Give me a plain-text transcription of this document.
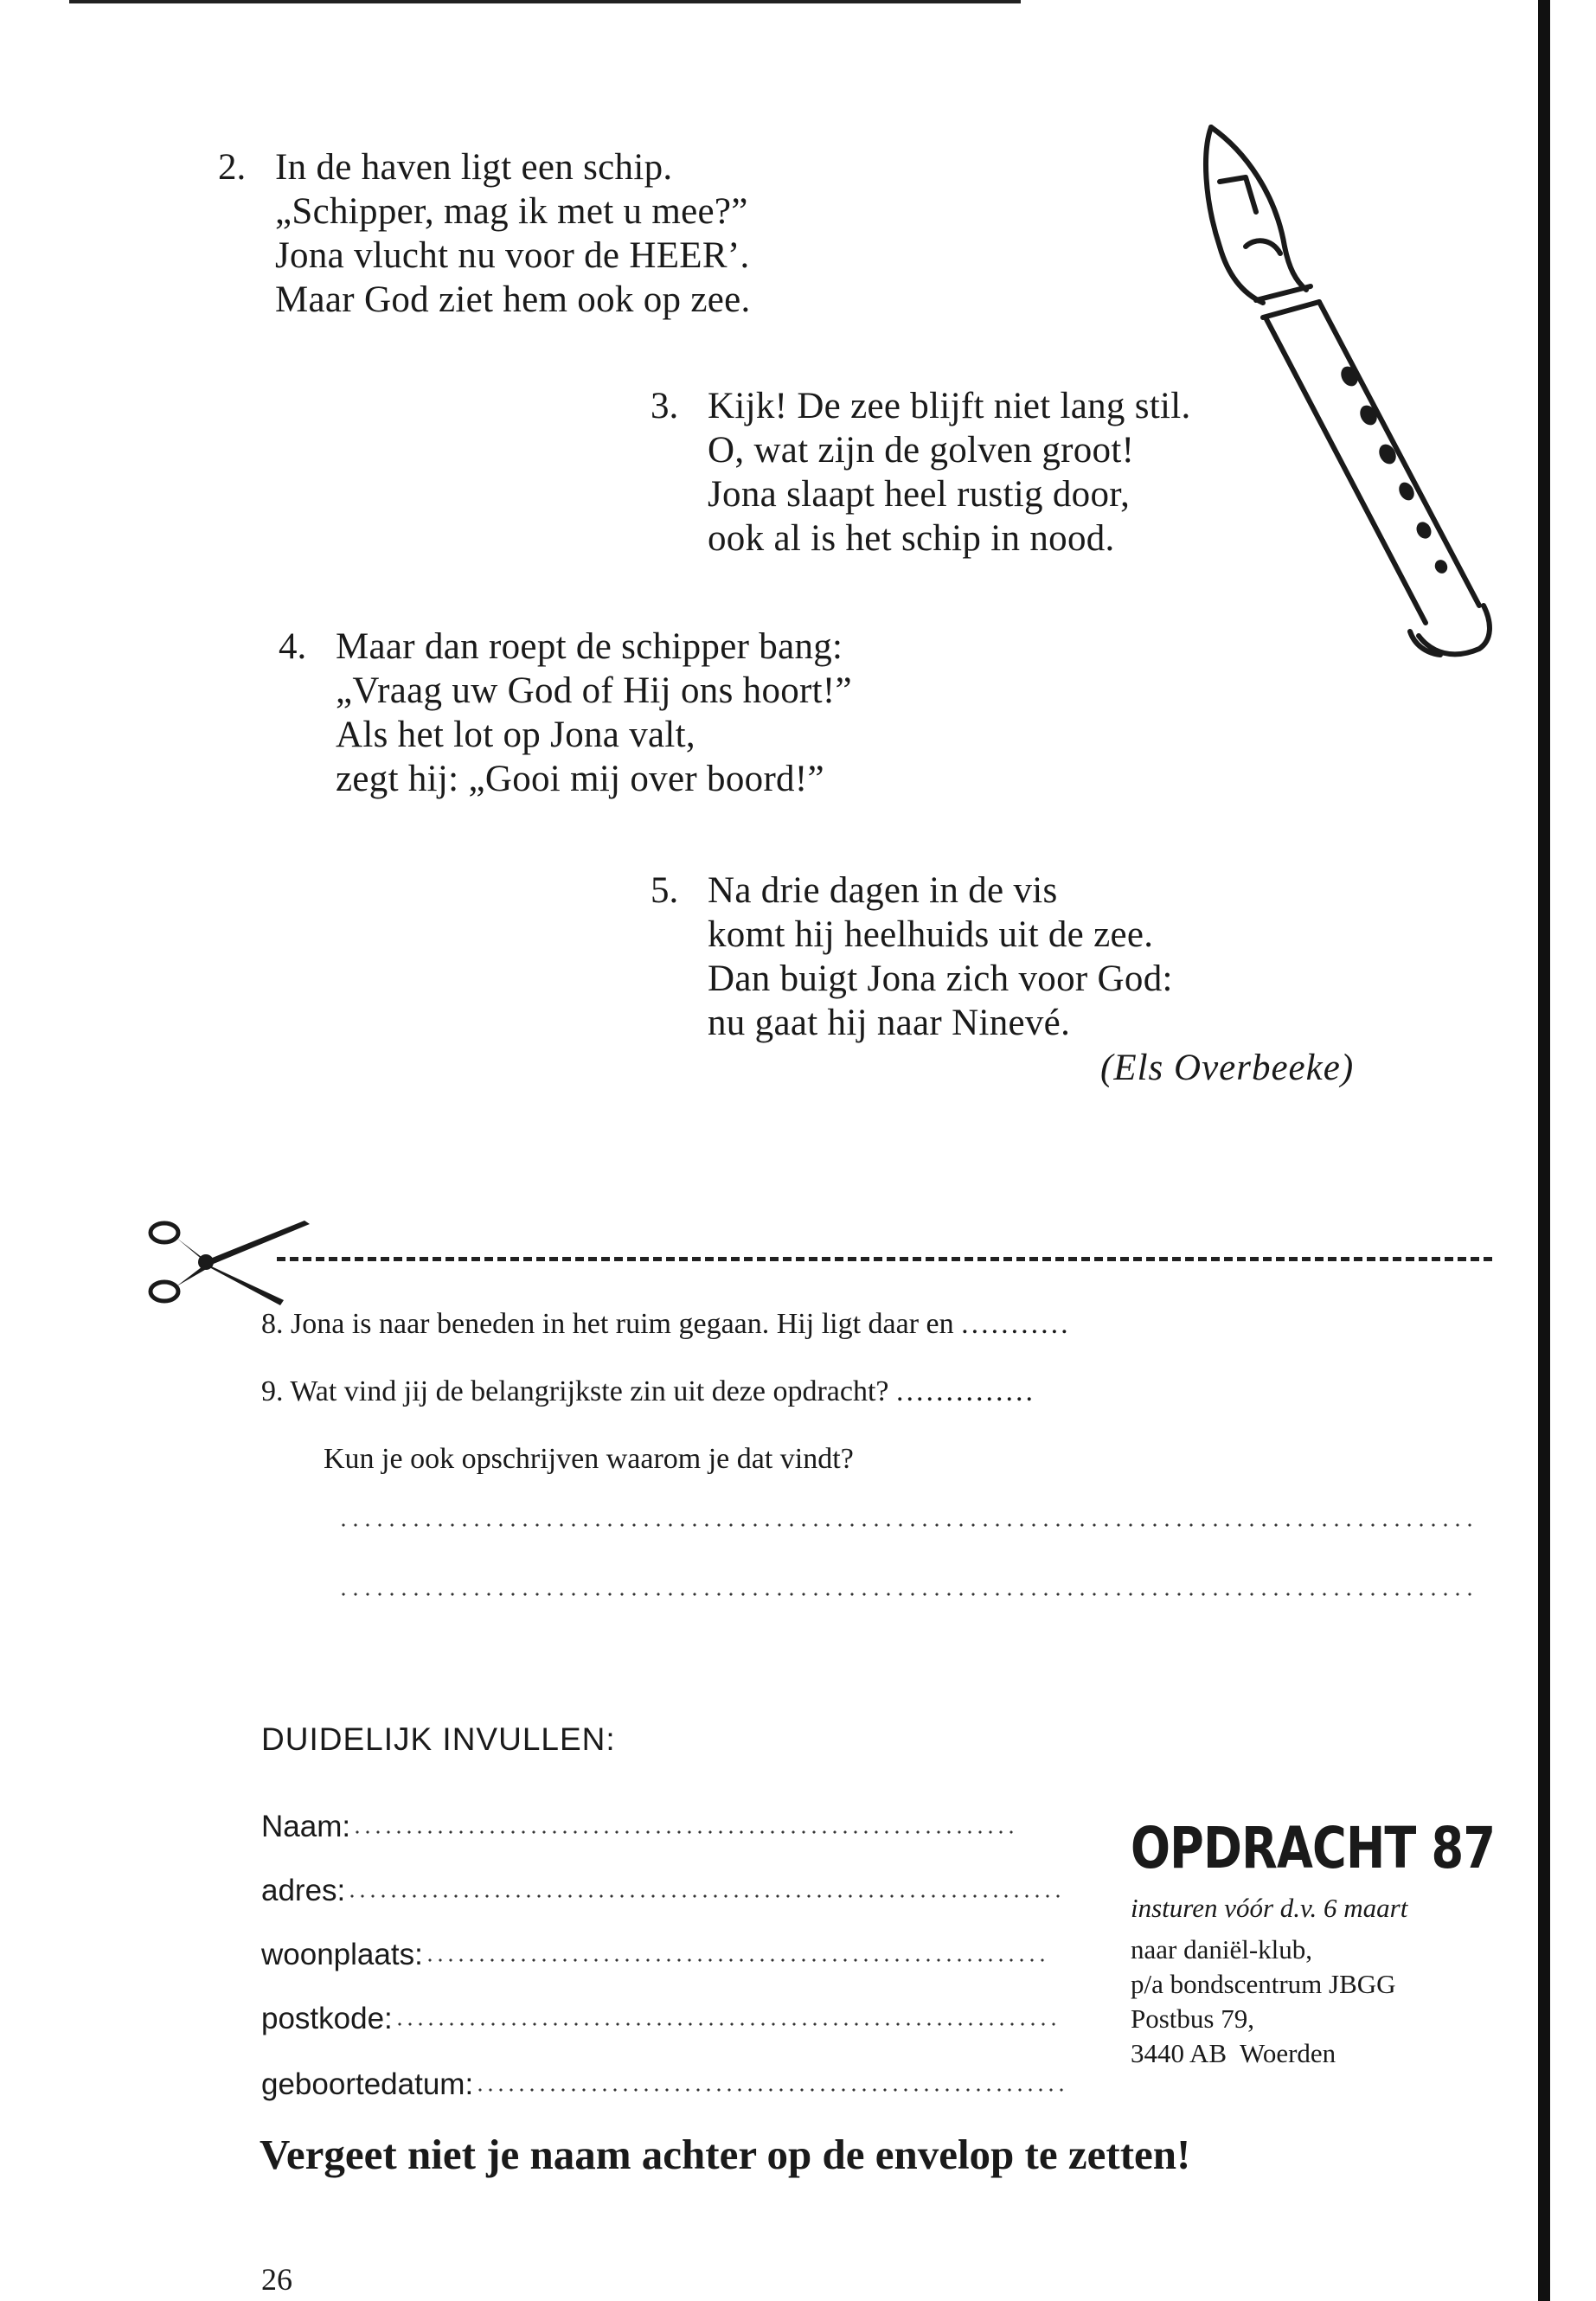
2. In de haven ligt een schip.
„Schipper, mag ik met u mee?”
Jona vlucht nu voor de HEER’.
Maar God ziet hem ook op zee.
3. Kijk! De zee blijft niet lang stil.
O, wat zijn de golven groot!
Jona slaapt heel rustig door,
ook al is het schip in nood.
4. Maar dan roept de schipper bang:
„Vraag uw God of Hij ons hoort!”
Als het lot op Jona valt,
zegt hij: „Gooi mij over boord!”
5. Na drie dagen in de vis
komt hij heelhuids uit de zee.
Dan buigt Jona zich voor God:
nu gaat hij naar Ninevé.
(Els Overbeeke)
8. Jona is naar beneden in het ruim gegaan. Hij ligt daar en ...........
9. Wat vind jij de belangrijkste zin uit deze opdracht? ..............
Kun je ook opschrijven waarom je dat vindt?
DUIDELIJK INVULLEN:
Naam:
adres:
woonplaats:
postkode:
geboortedatum:
OPDRACHT 87
insturen vóór d.v. 6 maart
naar daniël-klub,
p/a bondscentrum JBGG
Postbus 79,
3440 AB  Woerden
Vergeet niet je naam achter op de envelop te zetten!
26
